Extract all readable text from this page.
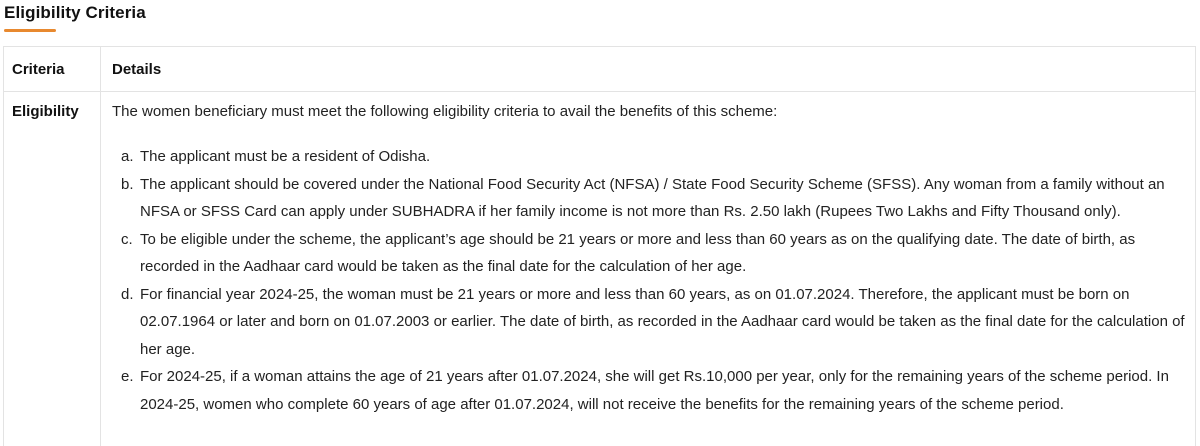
Eligibility Criteria
Criteria	Details
Eligibility The women beneficiary must meet the following eligibility criteria to avail the benefits of this scheme:

a. The applicant must be a resident of Odisha.
b. The applicant should be covered under the National Food Security Act (NFSA) / State Food Security Scheme (SFSS). Any woman from a family without an NFSA or SFSS Card can apply under SUBHADRA if her family income is not more than Rs. 2.50 lakh (Rupees Two Lakhs and Fifty Thousand only).
c. To be eligible under the scheme, the applicant’s age should be 21 years or more and less than 60 years as on the qualifying date. The date of birth, as recorded in the Aadhaar card would be taken as the final date for the calculation of her age.
d. For financial year 2024-25, the woman must be 21 years or more and less than 60 years, as on 01.07.2024. Therefore, the applicant must be born on 02.07.1964 or later and born on 01.07.2003 or earlier. The date of birth, as recorded in the Aadhaar card would be taken as the final date for the calculation of her age.
e. For 2024-25, if a woman attains the age of 21 years after 01.07.2024, she will get Rs.10,000 per year, only for the remaining years of the scheme period. In 2024-25, women who complete 60 years of age after 01.07.2024, will not receive the benefits for the remaining years of the scheme period.
